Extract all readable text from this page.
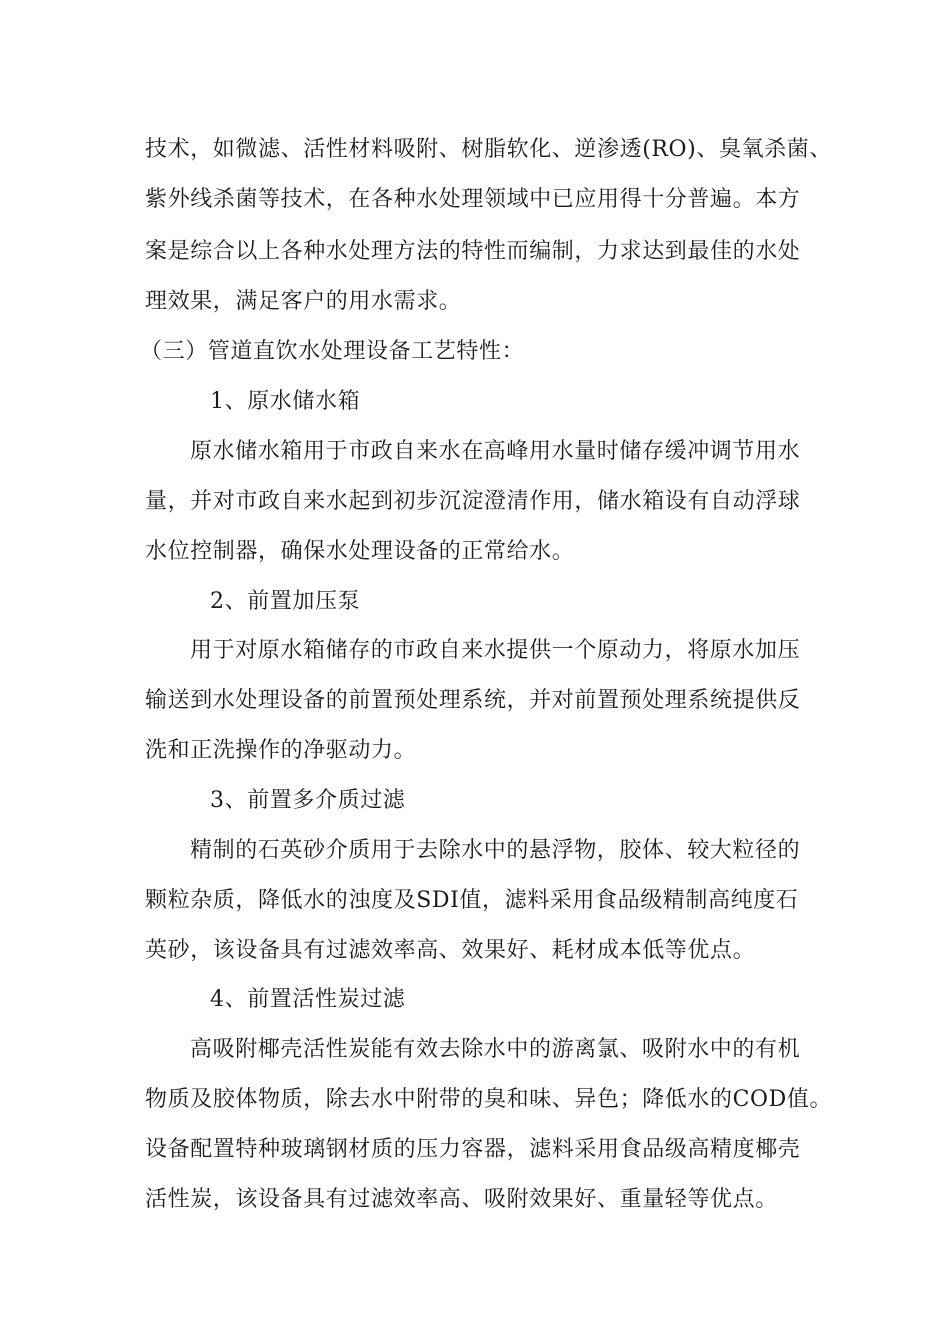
技术，如微滤、活性材料吸附、树脂软化、逆渗透(RO)、臭氧杀菌、
紫外线杀菌等技术，在各种水处理领域中已应用得十分普遍。本方
案是综合以上各种水处理方法的特性而编制，力求达到最佳的水处
理效果，满足客户的用水需求。
（三）管道直饮水处理设备工艺特性：
1、原水储水箱
原水储水箱用于市政自来水在高峰用水量时储存缓冲调节用水
量，并对市政自来水起到初步沉淀澄清作用，储水箱设有自动浮球
水位控制器，确保水处理设备的正常给水。
2、前置加压泵
用于对原水箱储存的市政自来水提供一个原动力，将原水加压
输送到水处理设备的前置预处理系统，并对前置预处理系统提供反
洗和正洗操作的净驱动力。
3、前置多介质过滤
精制的石英砂介质用于去除水中的悬浮物，胶体、较大粒径的
颗粒杂质，降低水的浊度及SDI值，滤料采用食品级精制高纯度石
英砂，该设备具有过滤效率高、效果好、耗材成本低等优点。
4、前置活性炭过滤
高吸附椰壳活性炭能有效去除水中的游离氯、吸附水中的有机
物质及胶体物质，除去水中附带的臭和味、异色；降低水的COD值。
设备配置特种玻璃钢材质的压力容器，滤料采用食品级高精度椰壳
活性炭，该设备具有过滤效率高、吸附效果好、重量轻等优点。
